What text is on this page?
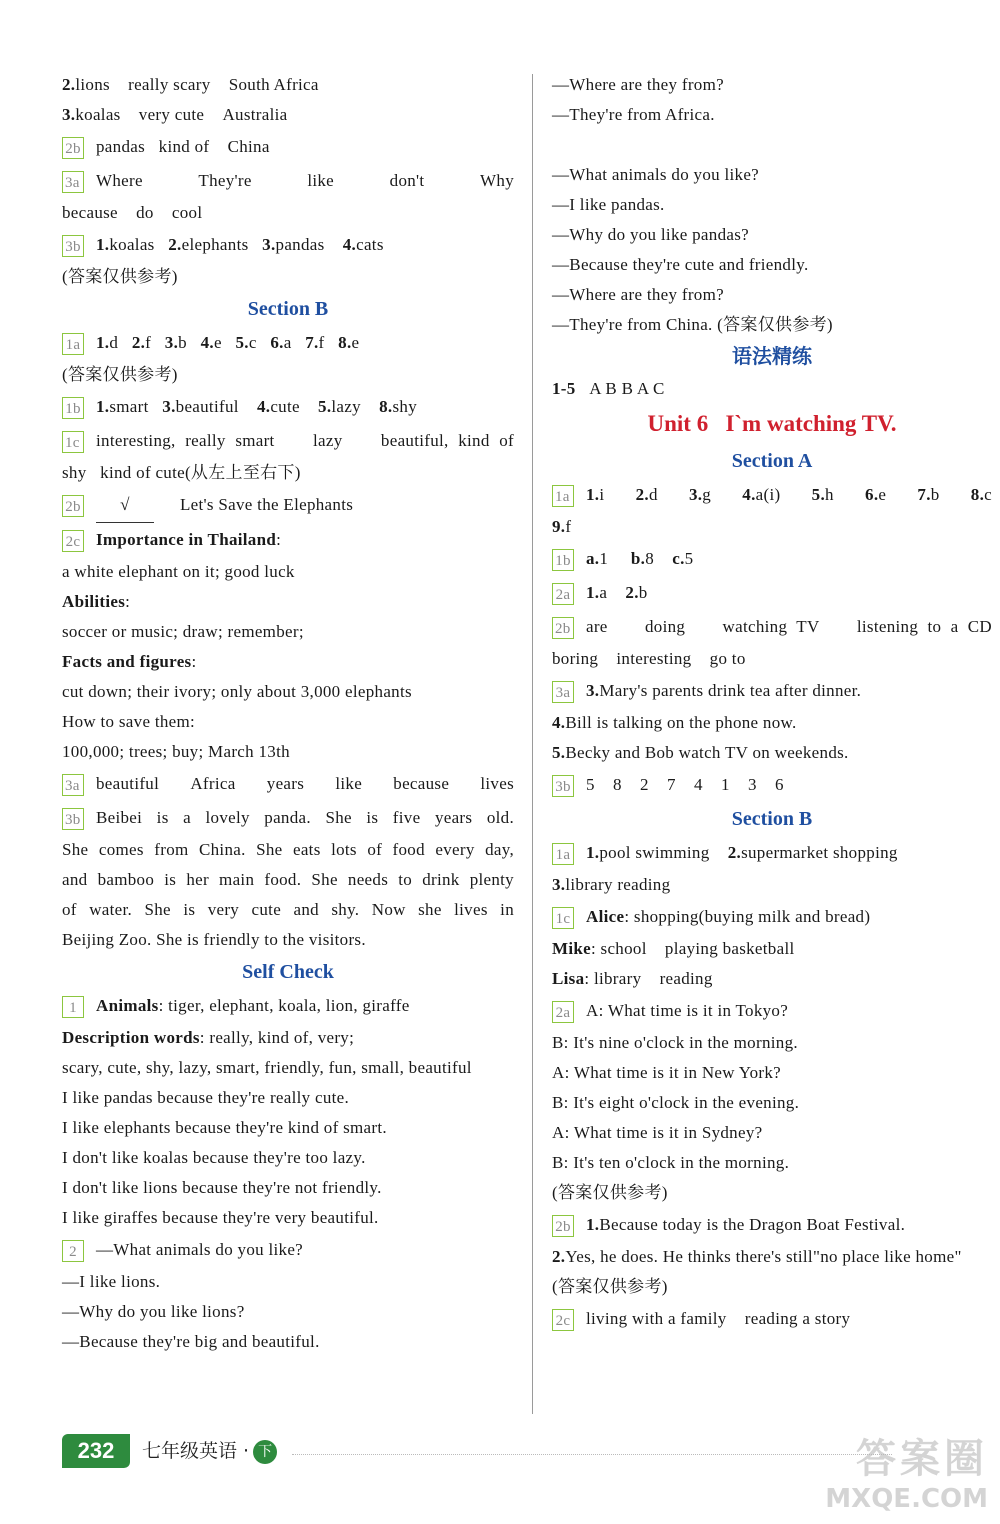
2.lions    really scary    South Africa
3.koalas    very cute    Australia
2b pandas   kind of    China
3a Where    They're    like    don't    Why
because    do    cool
3b 1.koalas   2.elephants   3.pandas    4.cats
(答案仅供参考)
Section B
1a 1.d   2.f   3.b   4.e   5.c   6.a   7.f   8.e
(答案仅供参考)
1b 1.smart   3.beautiful    4.cute    5.lazy    8.shy
1c interesting, really smart    lazy    beautiful, kind of
shy   kind of cute(从左上至右下)
2b √	Let's Save the Elephants
2c Importance in Thailand:
a white elephant on it; good luck
Abilities:
soccer or music; draw; remember;
Facts and figures:
cut down; their ivory; only about 3,000 elephants
How to save them:
100,000; trees; buy; March 13th
3a beautiful    Africa    years    like    because    lives
3b Beibei is a lovely panda. She is five years old.
She comes from China. She eats lots of food every day,
and bamboo is her main food. She needs to drink plenty
of water. She is very cute and shy. Now she lives in
Beijing Zoo. She is friendly to the visitors.
Self Check
1 Animals: tiger, elephant, koala, lion, giraffe
Description words: really, kind of, very;
scary, cute, shy, lazy, smart, friendly, fun, small, beautiful
I like pandas because they're really cute.
I like elephants because they're kind of smart.
I don't like koalas because they're too lazy.
I don't like lions because they're not friendly.
I like giraffes because they're very beautiful.
2 —What animals do you like?
—I like lions.
—Why do you like lions?
—Because they're big and beautiful.
—Where are they from?
—They're from Africa.
—What animals do you like?
—I like pandas.
—Why do you like pandas?
—Because they're cute and friendly.
—Where are they from?
—They're from China. (答案仅供参考)
语法精练
1-5   A B B A C
Unit 6   I`m watching TV.
Section A
1a 1.i   2.d   3.g   4.a(i)   5.h   6.e   7.b   8.c
9.f
1b a.1     b.8    c.5
2a 1.a    2.b
2b are    doing    watching TV    listening to a CD
boring    interesting    go to
3a 3.Mary's parents drink tea after dinner.
4.Bill is talking on the phone now.
5.Becky and Bob watch TV on weekends.
3b 5    8    2    7    4    1    3    6
Section B
1a 1.pool swimming    2.supermarket shopping
3.library reading
1c Alice: shopping(buying milk and bread)
Mike: school    playing basketball
Lisa: library    reading
2a A: What time is it in Tokyo?
B: It's nine o'clock in the morning.
A: What time is it in New York?
B: It's eight o'clock in the evening.
A: What time is it in Sydney?
B: It's ten o'clock in the morning.
(答案仅供参考)
2b 1.Because today is the Dragon Boat Festival.
2.Yes, he does. He thinks there's still"no place like home"
(答案仅供参考)
2c living with a family    reading a story
232	七年级英语 · 下	答案圈
MXQE.COM
